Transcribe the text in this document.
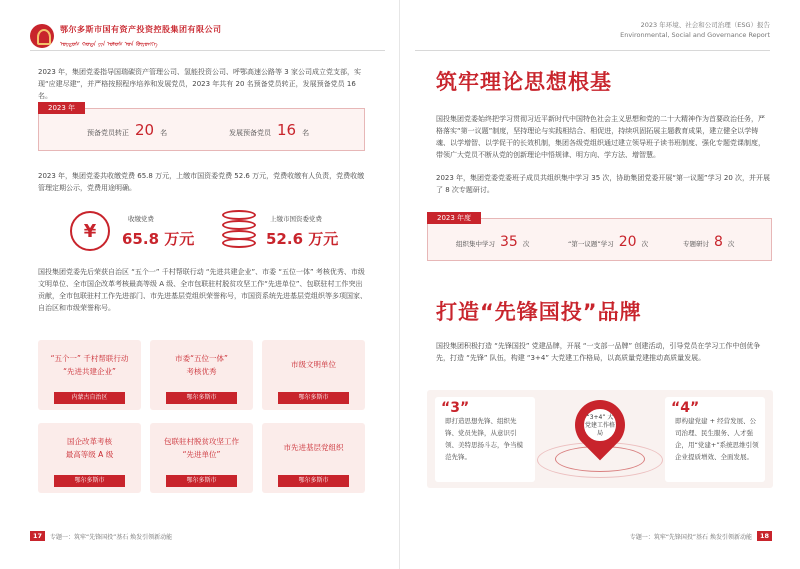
鄂尔多斯市国有资产投资控股集团有限公司
ᠣᠷᠳᠣᠰ ᠬᠣᠲᠠ ᠶᠢᠨ ᠤᠯᠤᠰ ᠤᠨ ᠬᠥᠷᠥᠩᠭᠡ
2023 年，集团党委指导国瑞碳资产管理公司、氢能投资公司、呼鄂高速公路等 3 家公司成立党支部，实现“应建尽建”，并严格按照程序培养和发展党员，2023 年共有 20 名预备党员转正，发展预备党员 16 名。
2023 年
预备党员转正 20 名	发展预备党员 16 名
2023 年，集团党委共收缴党费 65.8 万元，上缴市国资委党费 52.6 万元，党费收缴有人负责，党费收缴管理定期公示，党费用途明确。
¥
收缴党费
65.8 万元
上缴市国资委党费
52.6 万元
国投集团党委先后荣获自治区 “五个一” 千村帮联行动 “先进共建企业”、市委 “五位一体” 考核优秀、市级文明单位、全市国企改革考核最高等级 A 级、全市包联驻村脱贫攻坚工作“先进单位”、包联驻村工作突出贡献，全市包联驻村工作先进部门、市先进基层党组织荣誉称号，市国资系统先进基层党组织等多项国家、自治区和市级荣誉称号。
“五个一” 千村帮联行动
“先进共建企业”
内蒙古自治区
市委“五位一体”
考核优秀
鄂尔多斯市
市级文明单位
鄂尔多斯市
国企改革考核
最高等级 A 级
鄂尔多斯市
包联驻村脱贫攻坚工作
“先进单位”
鄂尔多斯市
市先进基层党组织
鄂尔多斯市
17	专题一：筑牢“先锋国投”基石 焕发引领新动能
2023 年环境、社会和公司治理（ESG）报告
Environmental, Social and Governance Report
筑牢理论思想根基
国投集团党委始终把学习贯彻习近平新时代中国特色社会主义思想和党的二十大精神作为首要政治任务，严格落实“第一议题”制度，坚持理论与实践相结合、相促进，持续巩固拓展主题教育成果，建立健全以学铸魂、以学增智、以学促干的长效机制，集团各级党组织通过建立领导班子读书班制度、强化专题党课制度，带领广大党员不断从党的创新理论中悟规律、明方向、学方法、增智慧。
2023 年，集团党委党委班子成员共组织集中学习 35 次，协助集团党委开展“第一议题”学习 20 次，并开展了 8 次专题研讨。
2023 年度
组织集中学习 35 次	“第一议题”学习 20 次	专题研讨 8 次
打造“先锋国投”品牌
国投集团积极打造 “先锋国投” 党建品牌，开展 “一支部一品牌” 创建活动，引导党员在学习工作中创优争先，打造 “先锋” 队伍，构建 “3+4” 大党建工作格局，以高质量党建推动高质量发展。
“3”
即打造思想先锋、组织先锋、党员先锋，从意识引领、美特思扬斗志，争当模范先锋。
“3+4” 大党建工作格局
“4”
即构建党建 + 经营发展、公司治理、民生服务、人才强企，用“党建+”系统思维引领企业提质增效、全面发展。
专题一：筑牢“先锋国投”基石 焕发引领新动能	18
